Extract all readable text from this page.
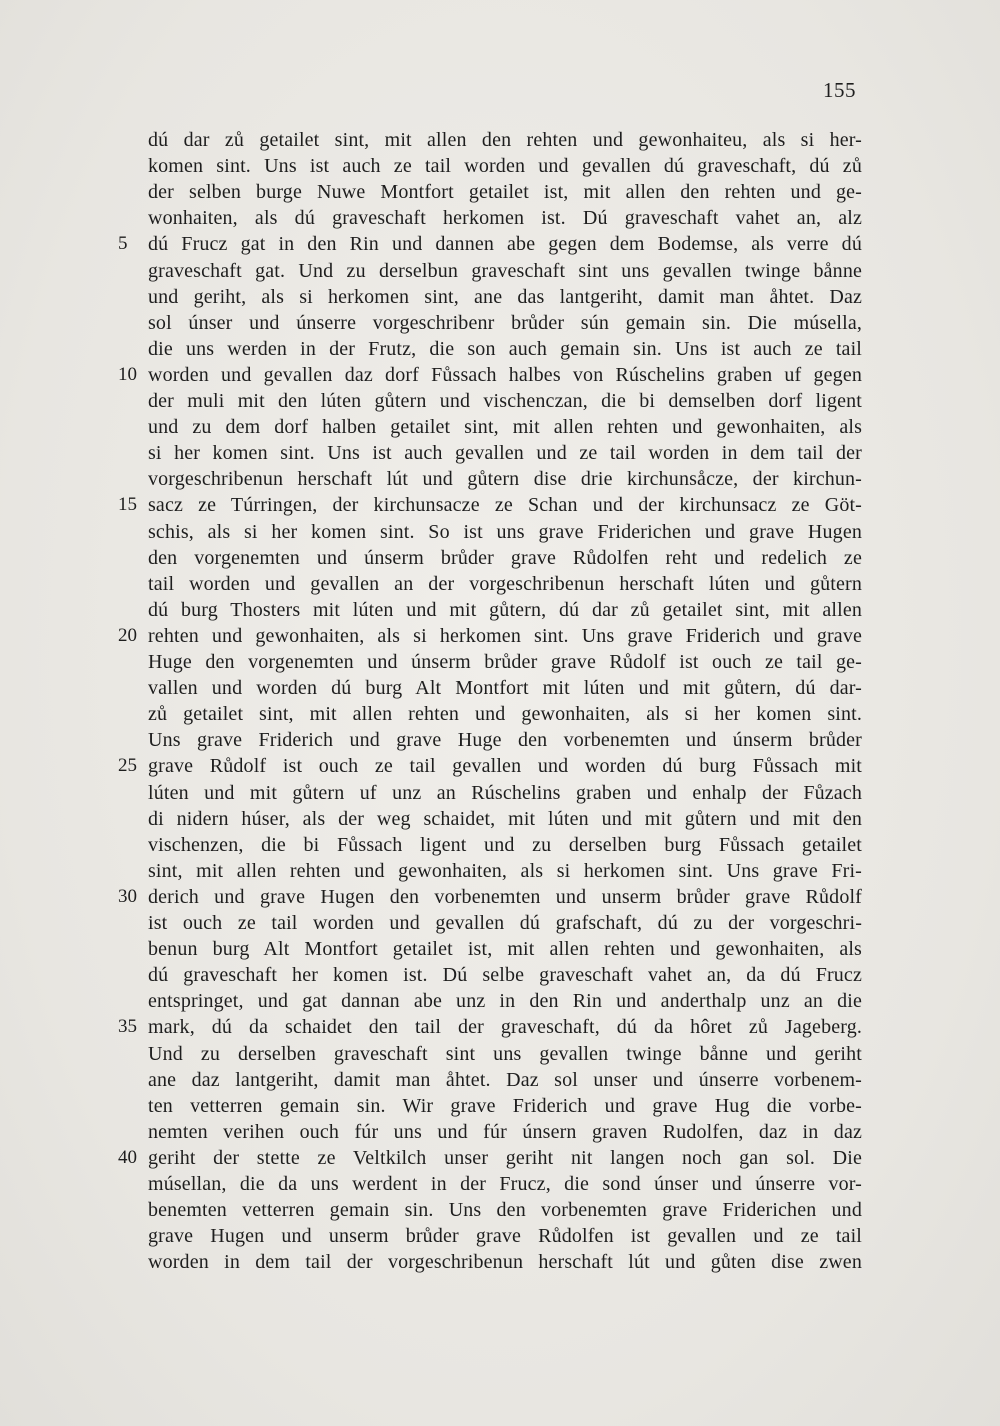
155
dú dar zů getailet sint, mit allen den rehten und gewonhaiteu, als si her-
komen sint. Uns ist auch ze tail worden und gevallen dú graveschaft, dú zů
der selben burge Nuwe Montfort getailet ist, mit allen den rehten und ge-
wonhaiten, als dú graveschaft herkomen ist. Dú graveschaft vahet an, alz
5	dú Frucz gat in den Rin und dannen abe gegen dem Bodemse, als verre dú
graveschaft gat. Und zu derselbun graveschaft sint uns gevallen twinge bånne
und geriht, als si herkomen sint, ane das lantgeriht, damit man åhtet. Daz
sol únser und únserre vorgeschribenr brůder sún gemain sin. Die músella,
die uns werden in der Frutz, die son auch gemain sin. Uns ist auch ze tail
10 worden und gevallen daz dorf Fůssach halbes von Rúschelins graben uf gegen
der muli mit den lúten gůtern und vischenczan, die bi demselben dorf ligent
und zu dem dorf halben getailet sint, mit allen rehten und gewonhaiten, als
si her komen sint. Uns ist auch gevallen und ze tail worden in dem tail der
vorgeschribenun herschaft lút und gůtern dise drie kirchunsåcze, der kirchun-
15 sacz ze Túrringen, der kirchunsacze ze Schan und der kirchunsacz ze Göt-
schis, als si her komen sint. So ist uns grave Friderichen und grave Hugen
den vorgenemten und únserm brůder grave Růdolfen reht und redelich ze
tail worden und gevallen an der vorgeschribenun herschaft lúten und gůtern
dú burg Thosters mit lúten und mit gůtern, dú dar zů getailet sint, mit allen
20 rehten und gewonhaiten, als si herkomen sint. Uns grave Friderich und grave
Huge den vorgenemten und únserm brůder grave Růdolf ist ouch ze tail ge-
vallen und worden dú burg Alt Montfort mit lúten und mit gůtern, dú dar-
zů getailet sint, mit allen rehten und gewonhaiten, als si her komen sint.
Uns grave Friderich und grave Huge den vorbenemten und únserm brůder
25 grave Růdolf ist ouch ze tail gevallen und worden dú burg Fůssach mit
lúten und mit gůtern uf unz an Rúschelins graben und enhalp der Fůzach
di nidern húser, als der weg schaidet, mit lúten und mit gůtern und mit den
vischenzen, die bi Fůssach ligent und zu derselben burg Fůssach getailet
sint, mit allen rehten und gewonhaiten, als si herkomen sint. Uns grave Fri-
30 derich und grave Hugen den vorbenemten und unserm brůder grave Růdolf
ist ouch ze tail worden und gevallen dú grafschaft, dú zu der vorgeschri-
benun burg Alt Montfort getailet ist, mit allen rehten und gewonhaiten, als
dú graveschaft her komen ist. Dú selbe graveschaft vahet an, da dú Frucz
entspringet, und gat dannan abe unz in den Rin und anderthalp unz an die
35 mark, dú da schaidet den tail der graveschaft, dú da hôret zů Jageberg.
Und zu derselben graveschaft sint uns gevallen twinge bånne und geriht
ane daz lantgeriht, damit man åhtet. Daz sol unser und únserre vorbenem-
ten vetterren gemain sin. Wir grave Friderich und grave Hug die vorbe-
nemten verihen ouch fúr uns und fúr únsern graven Rudolfen, daz in daz
40 geriht der stette ze Veltkilch unser geriht nit langen noch gan sol. Die
músellan, die da uns werdent in der Frucz, die sond únser und únserre vor-
benemten vetterren gemain sin. Uns den vorbenemten grave Friderichen und
grave Hugen und unserm brůder grave Růdolfen ist gevallen und ze tail
worden in dem tail der vorgeschribenun herschaft lút und gůten dise zwen
